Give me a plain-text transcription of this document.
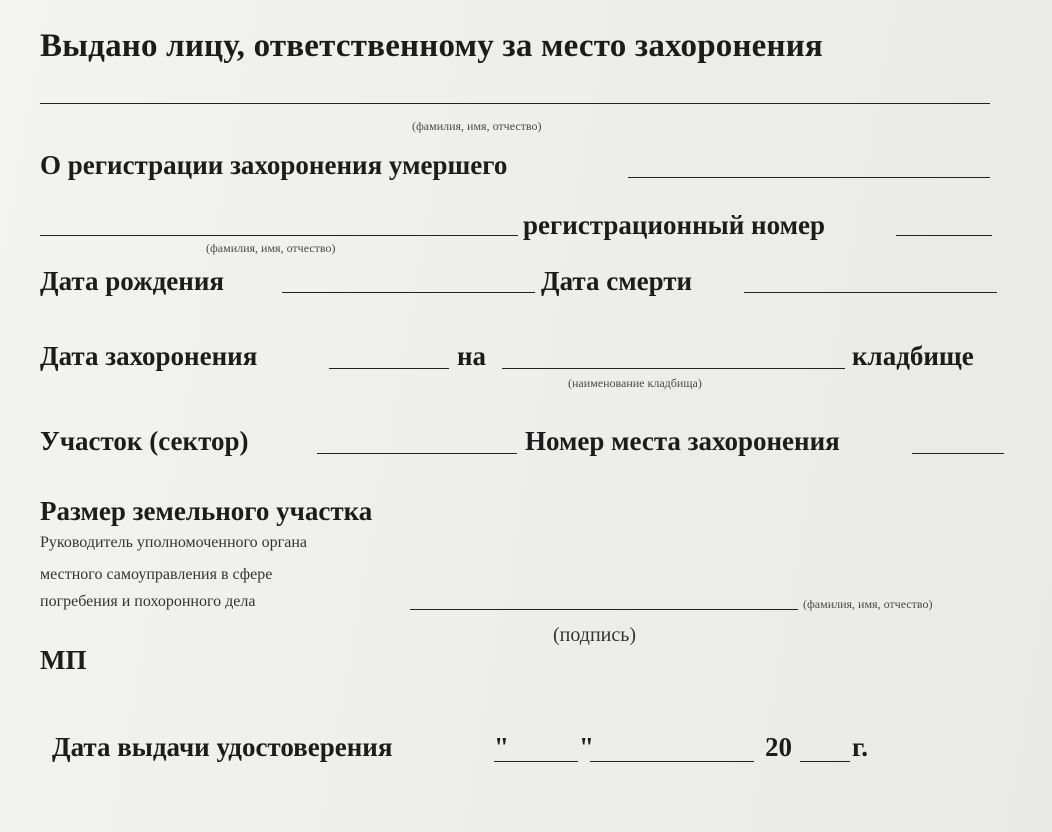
Выдано лицу, ответственному за место захоронения
(фамилия, имя, отчество)
О регистрации захоронения умершего
регистрационный номер
(фамилия, имя, отчество)
Дата рождения	Дата смерти
Дата захоронения	на	кладбище
(наименование кладбища)
Участок (сектор)	Номер места захоронения
Размер земельного участка
Руководитель уполномоченного органа
местного самоуправления в сфере
погребения и похоронного дела	(фамилия, имя, отчество)
(подпись)
МП
Дата выдачи удостоверения	"	"	20 г.
